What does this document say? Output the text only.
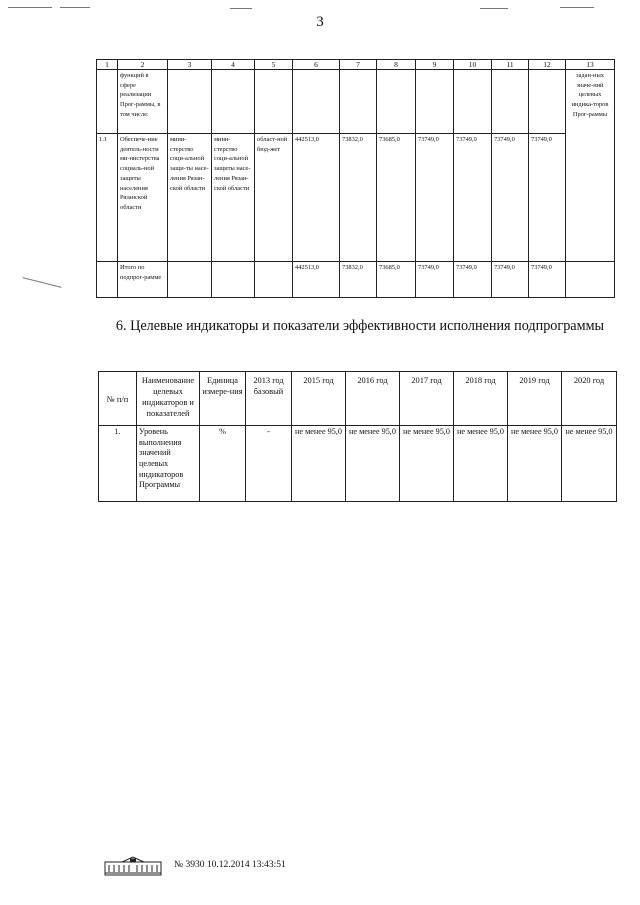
3
1	2	3	4	5	6	7	8	9	10	11	12	13
	функций в сфере реализации Прог-раммы, в том числе:											задан-ных значе-ний целевых индика-торов Прог-раммы
1.1	Обеспече-ние деятель-ности ми-нистерства социаль-ной защиты населения Рязанской области	мини-стерство соци-альной защи-ты насе-ления Рязан-ской области	мини-стерство соци-альной защиты насе-ления Рязан-ской области	област-ной бюд-жет	442513,0	73832,0	73685,0	73749,0	73749,0	73749,0	73749,0	
	Итого по подпрог-рамме				442513,0	73832,0	73685,0	73749,0	73749,0	73749,0	73749,0	
6. Целевые индикаторы и показатели эффективности исполнения подпрограммы
№ п/п	Наименование целевых индикаторов и показателей	Единица измере-ния	2013 год базовый	2015 год	2016 год	2017 год	2018 год	2019 год	2020 год
1.	Уровень выполнения значений целевых индикаторов Программы	%	-	не менее 95,0	не менее 95,0	не менее 95,0	не менее 95,0	не менее 95,0	не менее 95,0
№ 3930 10.12.2014 13:43:51
